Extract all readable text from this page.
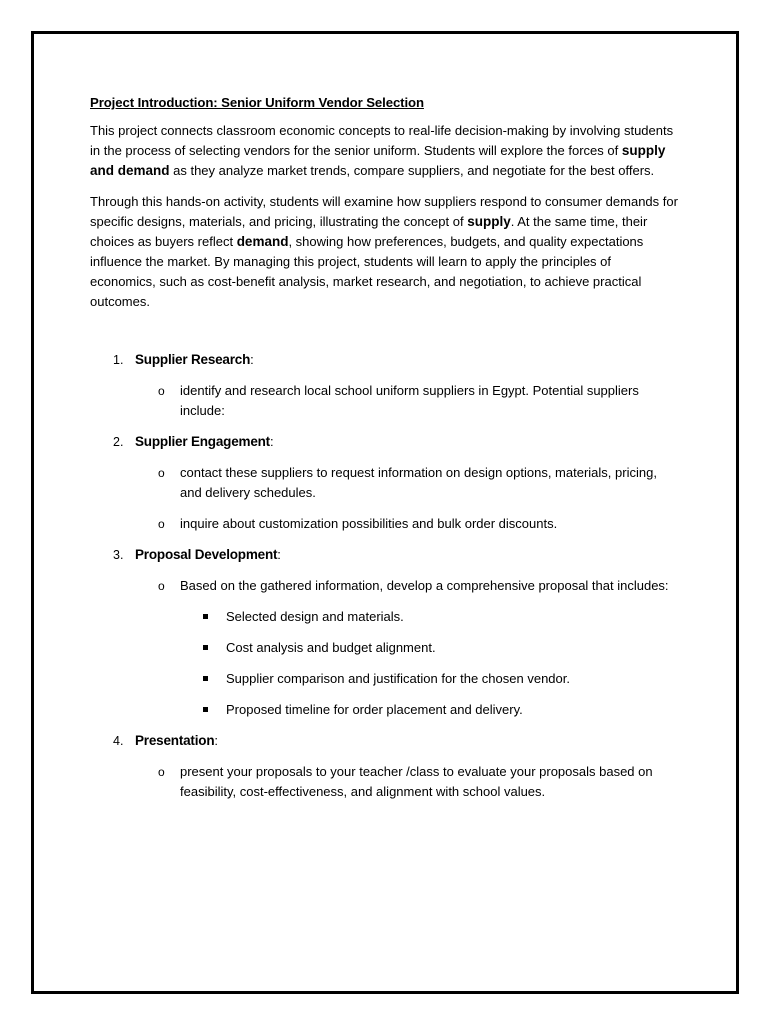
Project Introduction: Senior Uniform Vendor Selection

This project connects classroom economic concepts to real-life decision-making by involving students in the process of selecting vendors for the senior uniform. Students will explore the forces of supply and demand as they analyze market trends, compare suppliers, and negotiate for the best offers.

Through this hands-on activity, students will examine how suppliers respond to consumer demands for specific designs, materials, and pricing, illustrating the concept of supply. At the same time, their choices as buyers reflect demand, showing how preferences, budgets, and quality expectations influence the market. By managing this project, students will learn to apply the principles of economics, such as cost-benefit analysis, market research, and negotiation, to achieve practical outcomes.

1. Supplier Research:
o identify and research local school uniform suppliers in Egypt. Potential suppliers include:
2. Supplier Engagement:
o contact these suppliers to request information on design options, materials, pricing, and delivery schedules.
o inquire about customization possibilities and bulk order discounts.
3. Proposal Development:
o Based on the gathered information, develop a comprehensive proposal that includes:
Selected design and materials.
Cost analysis and budget alignment.
Supplier comparison and justification for the chosen vendor.
Proposed timeline for order placement and delivery.
4. Presentation:
o present your proposals to your teacher /class to evaluate your proposals based on feasibility, cost-effectiveness, and alignment with school values.
